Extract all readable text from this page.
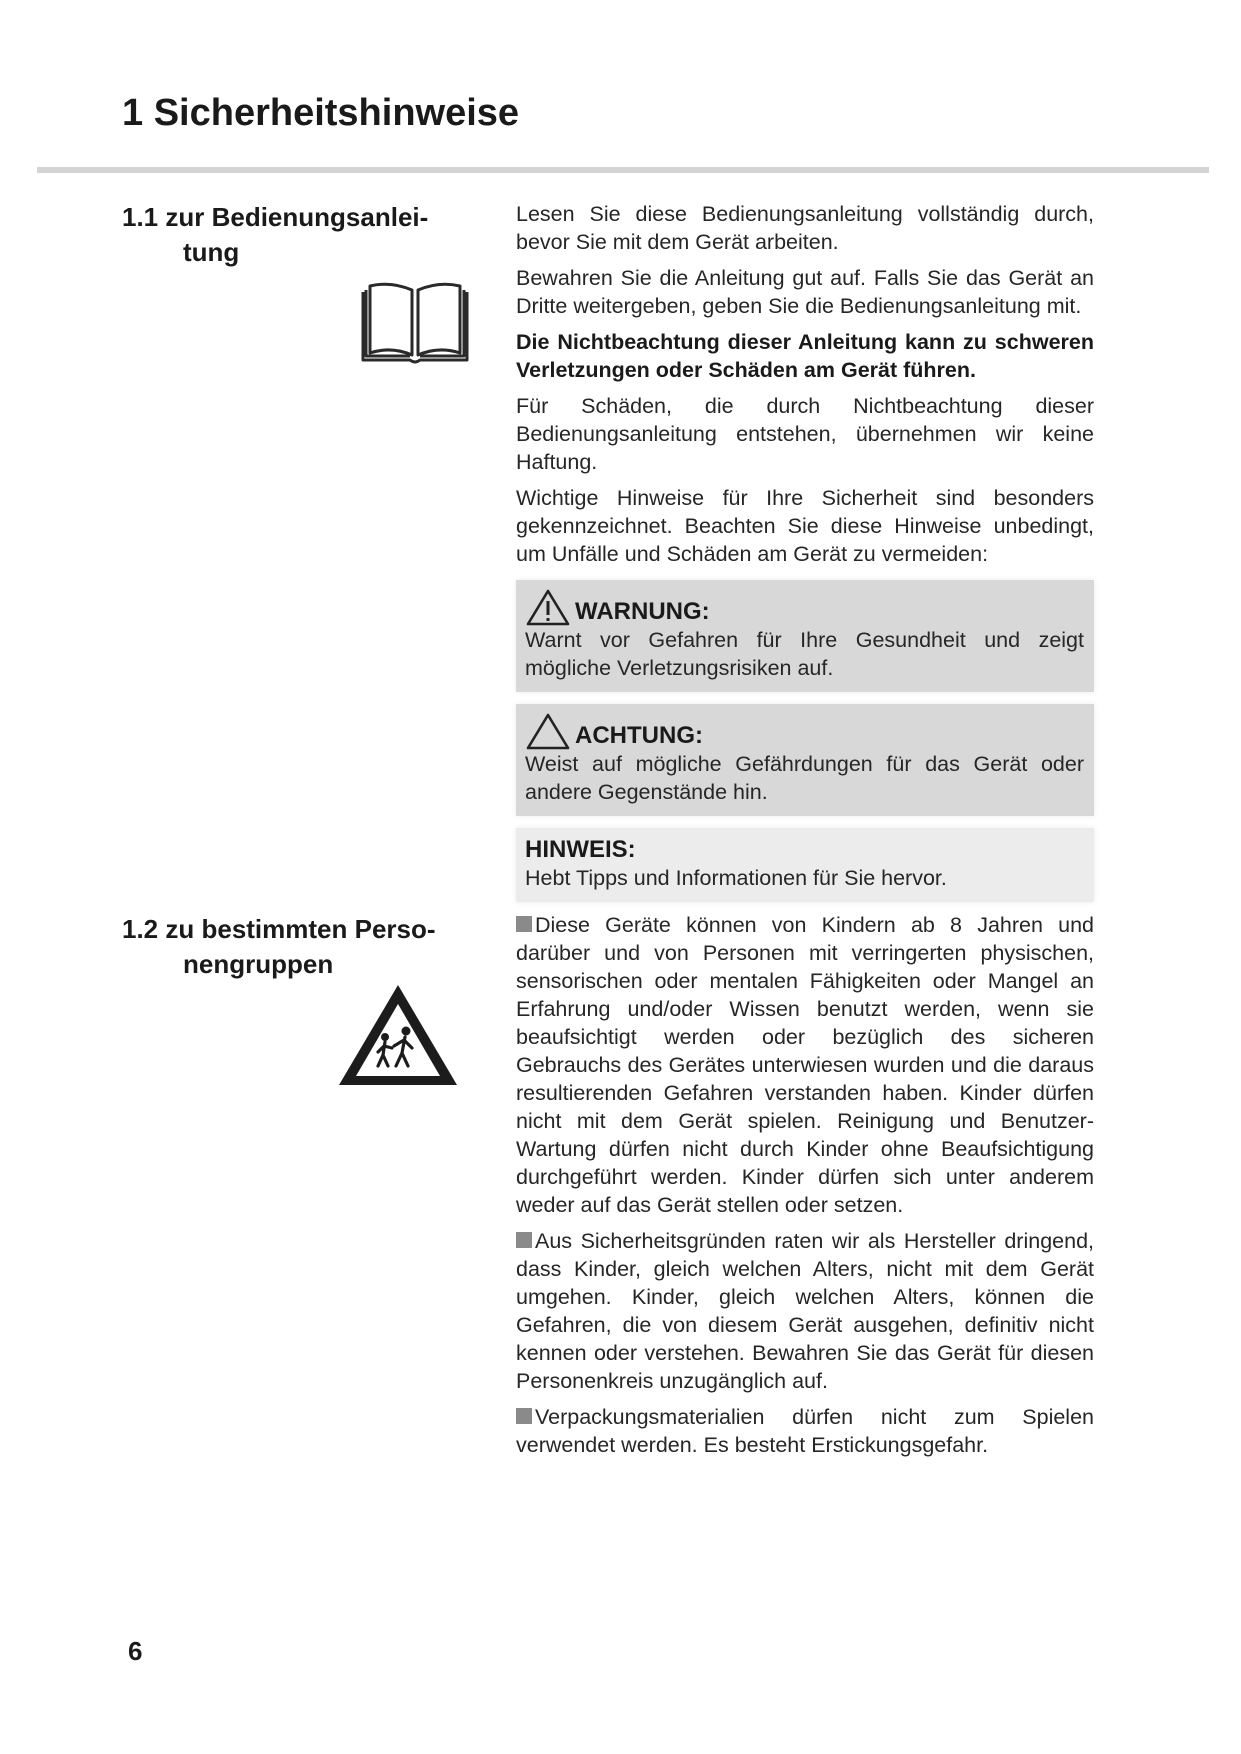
1 Sicherheitshinweise
1.1 zur Bedienungsanlei-
tung

Lesen Sie diese Bedienungsanleitung vollständig durch, bevor Sie mit dem Gerät arbeiten.

Bewahren Sie die Anleitung gut auf. Falls Sie das Gerät an Dritte weitergeben, geben Sie die Bedienungsanleitung mit.

Die Nichtbeachtung dieser Anleitung kann zu schweren Verletzungen oder Schäden am Gerät führen.

Für Schäden, die durch Nichtbeachtung dieser Bedienungsanleitung entstehen, übernehmen wir keine Haftung.

Wichtige Hinweise für Ihre Sicherheit sind besonders gekennzeichnet. Beachten Sie diese Hinweise unbedingt, um Unfälle und Schäden am Gerät zu vermeiden:

WARNUNG:
Warnt vor Gefahren für Ihre Gesundheit und zeigt mögliche Verletzungsrisiken auf.
ACHTUNG:
Weist auf mögliche Gefährdungen für das Gerät oder andere Gegenstände hin.
HINWEIS:
Hebt Tipps und Informationen für Sie hervor.
1.2 zu bestimmten Perso-
nengruppen

Diese Geräte können von Kindern ab 8 Jahren und darüber und von Personen mit verringerten physischen, sensorischen oder mentalen Fähigkeiten oder Mangel an Erfahrung und/oder Wissen benutzt werden, wenn sie beaufsichtigt werden oder bezüglich des sicheren Gebrauchs des Gerätes unterwiesen wurden und die daraus resultierenden Gefahren verstanden haben. Kinder dürfen nicht mit dem Gerät spielen. Reinigung und Benutzer-Wartung dürfen nicht durch Kinder ohne Beaufsichtigung durchgeführt werden. Kinder dürfen sich unter anderem weder auf das Gerät stellen oder setzen.

Aus Sicherheitsgründen raten wir als Hersteller dringend, dass Kinder, gleich welchen Alters, nicht mit dem Gerät umgehen. Kinder, gleich welchen Alters, können die Gefahren, die von diesem Gerät ausgehen, definitiv nicht kennen oder verstehen. Bewahren Sie das Gerät für diesen Personenkreis unzugänglich auf.

Verpackungsmaterialien dürfen nicht zum Spielen verwendet werden. Es besteht Erstickungsgefahr.

6
